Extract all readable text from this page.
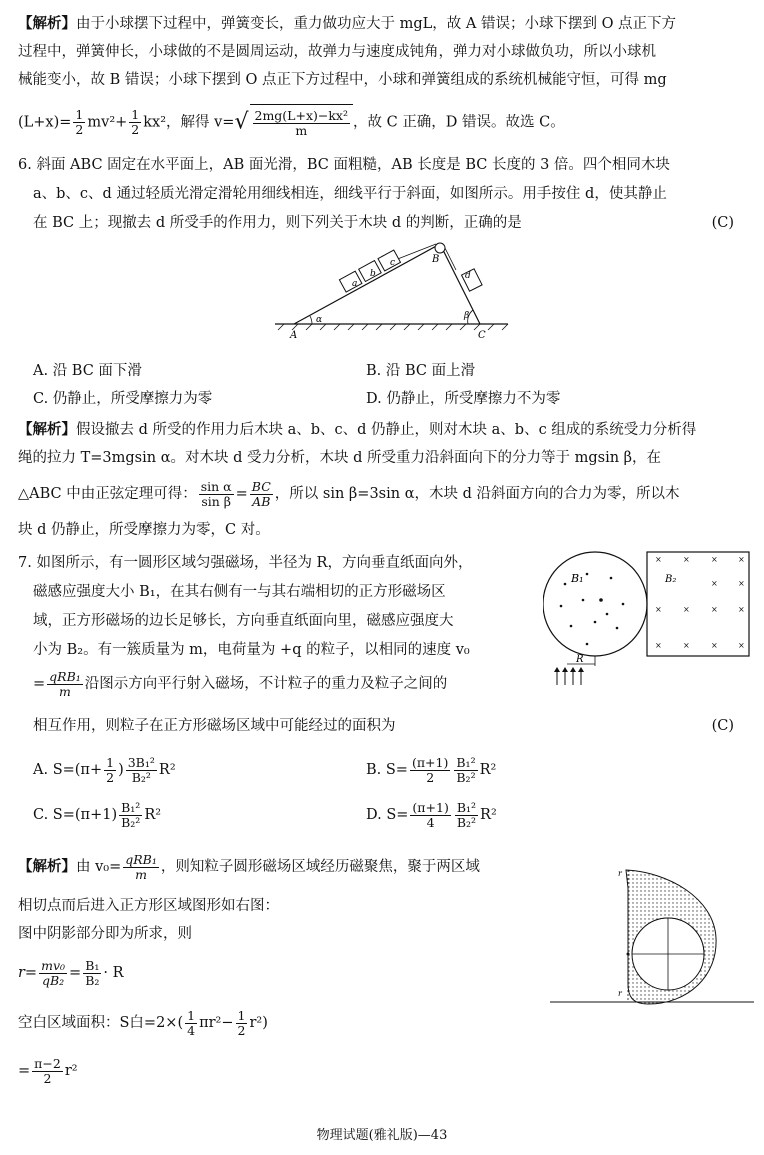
【解析】由于小球摆下过程中，弹簧变长，重力做功应大于 mgL，故 A 错误；小球下摆到 O 点正下方
过程中，弹簧伸长，小球做的不是圆周运动，故弹力与速度成钝角，弹力对小球做负功，所以小球机
械能变小，故 B 错误；小球下摆到 O 点正下方过程中，小球和弹簧组成的系统机械能守恒，可得 mg
$(L+x)= \frac{1}{2} mv^2+ \frac{1}{2} kx^2$，解得 $v=√ \frac{\text{2mg(L+x)−kx²}}{m}$ ，故 C 正确，D 错误。故选 C。
6. 斜面 ABC 固定在水平面上，AB 面光滑，BC 面粗糙，AB 长度是 BC 长度的 3 倍。四个相同木块
a、b、c、d 通过轻质光滑定滑轮用细线相连，细线平行于斜面，如图所示。用手按住 d，使其静止
在 BC 上；现撤去 d 所受手的作用力，则下列关于木块 d 的判断，正确的是	(C)
a
b
c
d
A
B
C
α	β
A. 沿 BC 面下滑	B. 沿 BC 面上滑
C. 仍静止，所受摩擦力为零	D. 仍静止，所受摩擦力不为零
【解析】假设撤去 d 所受的作用力后木块 a、b、c、d 仍静止，则对木块 a、b、c 组成的系统受力分析得
绳的拉力 T=3mgsin α。对木块 d 受力分析，木块 d 所受重力沿斜面向下的分力等于 mgsin β，在
△ABC 中由正弦定理可得： $\frac{\text{sin α}}{\text{sin β}} = \frac{BC}{AB}$ ，所以 sin β=3sin α，木块 d 沿斜面方向的合力为零，所以木
块 d 仍静止，所受摩擦力为零，C 对。
7. 如图所示，有一圆形区域匀强磁场，半径为 R，方向垂直纸面向外，
磁感应强度大小 B₁，在其右侧有一与其右端相切的正方形磁场区
域，正方形磁场的边长足够长，方向垂直纸面向里，磁感应强度大
小为 B₂。有一簇质量为 m，电荷量为 +q 的粒子，以相同的速度 v₀
= $\frac{\text{qRB₁}}{m}$ 沿图示方向平行射入磁场，不计粒子的重力及粒子之间的
相互作用，则粒子在正方形磁场区域中可能经过的面积为	(C)
×	×	×	×
×	×
×	×	×	×
×	×	×	×
B₁	B₂
R
A. $S=(\pi+ \frac{1}{2}$ ) $\frac{\text{3B₁²}}{\text{B₂²}} R^2$	B. $S= \frac{(\pi+1)}{2} \frac{\text{B₁²}}{\text{B₂²}} R^2$
C. $S=(\pi+1) \frac{\text{B₁²}}{\text{B₂²}} R^2$	D. $S= \frac{(\pi+1)}{4} \frac{\text{B₁²}}{\text{B₂²}} R^2$
【解析】由 $v_0= \frac{\text{qRB₁}}{m}$ ，则知粒子圆形磁场区域经历磁聚焦，聚于两区域
相切点而后进入正方形区域图形如右图：
图中阴影部分即为所求，则
$r= \frac{\text{mv₀}}{\text{qB₂}} = \frac{\text{B₁}}{\text{B₂}} \cdot R$
空白区域面积：S白$=2\times( \frac{1}{4} \pi r^2- \frac{1}{2} r^2)$
= $\frac{\pi-2}{2} r^2$
r
r
物理试题(雅礼版)—43
